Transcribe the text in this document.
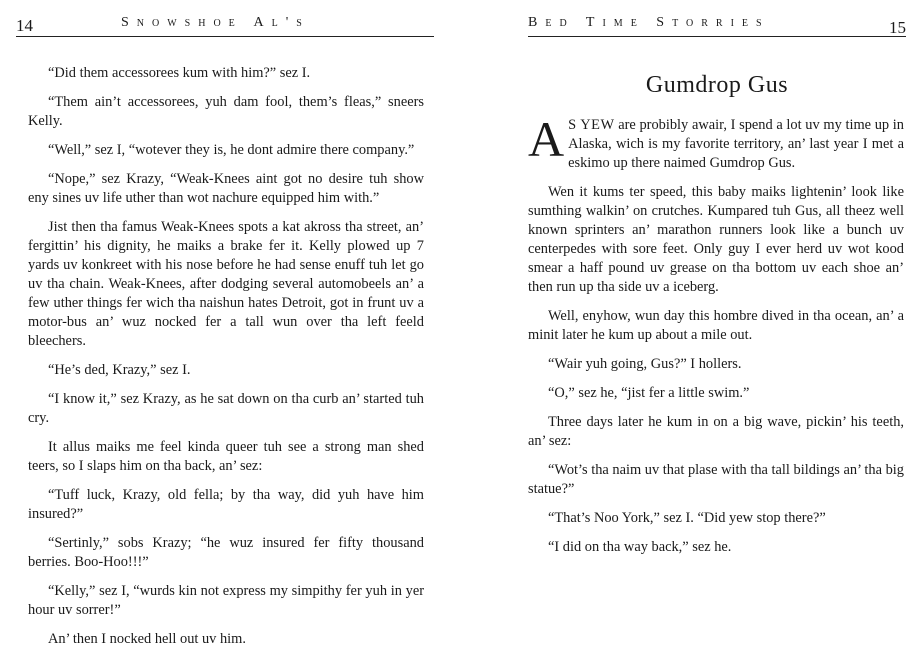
14	Snowshoe Al's

“Did them accessorees kum with him?” sez I.

“Them ain’t accessorees, yuh dam fool, them’s fleas,” sneers Kelly.

“Well,” sez I, “wotever they is, he dont admire there company.”

“Nope,” sez Krazy, “Weak-Knees aint got no desire tuh show eny sines uv life uther than wot nachure equipped him with.”

Jist then tha famus Weak-Knees spots a kat akross tha street, an’ fergittin’ his dignity, he maiks a brake fer it. Kelly plowed up 7 yards uv konkreet with his nose before he had sense enuff tuh let go uv tha chain. Weak-Knees, after dodging several automobeels an’ a few uther things fer wich tha naishun hates Detroit, got in frunt uv a motor-bus an’ wuz nocked fer a tall wun over tha left feeld bleechers.

“He’s ded, Krazy,” sez I.

“I know it,” sez Krazy, as he sat down on tha curb an’ started tuh cry.

It allus maiks me feel kinda queer tuh see a strong man shed teers, so I slaps him on tha back, an’ sez:

“Tuff luck, Krazy, old fella; by tha way, did yuh have him insured?”

“Sertinly,” sobs Krazy; “he wuz insured fer fifty thousand berries. Boo-Hoo!!!”

“Kelly,” sez I, “wurds kin not express my simpithy fer yuh in yer hour uv sorrer!”

An’ then I nocked hell out uv him.

Bed Time Storries	15
Gumdrop Gus

A S YEW are probibly awair, I spend a lot uv my time up in Alaska, wich is my favorite territory, an’ last year I met a eskimo up there naimed Gumdrop Gus.

Wen it kums ter speed, this baby maiks lightenin’ look like sumthing walkin’ on crutches. Kumpared tuh Gus, all theez well known sprinters an’ marathon runners look like a bunch uv centerpedes with sore feet. Only guy I ever herd uv wot kood smear a haff pound uv grease on tha bottom uv each shoe an’ then run up tha side uv a iceberg.

Well, enyhow, wun day this hombre dived in tha ocean, an’ a minit later he kum up about a mile out.

“Wair yuh going, Gus?” I hollers.

“O,” sez he, “jist fer a little swim.”

Three days later he kum in on a big wave, pickin’ his teeth, an’ sez:

“Wot’s tha naim uv that plase with tha tall bildings an’ tha big statue?”

“That’s Noo York,” sez I. “Did yew stop there?”

“I did on tha way back,” sez he.
